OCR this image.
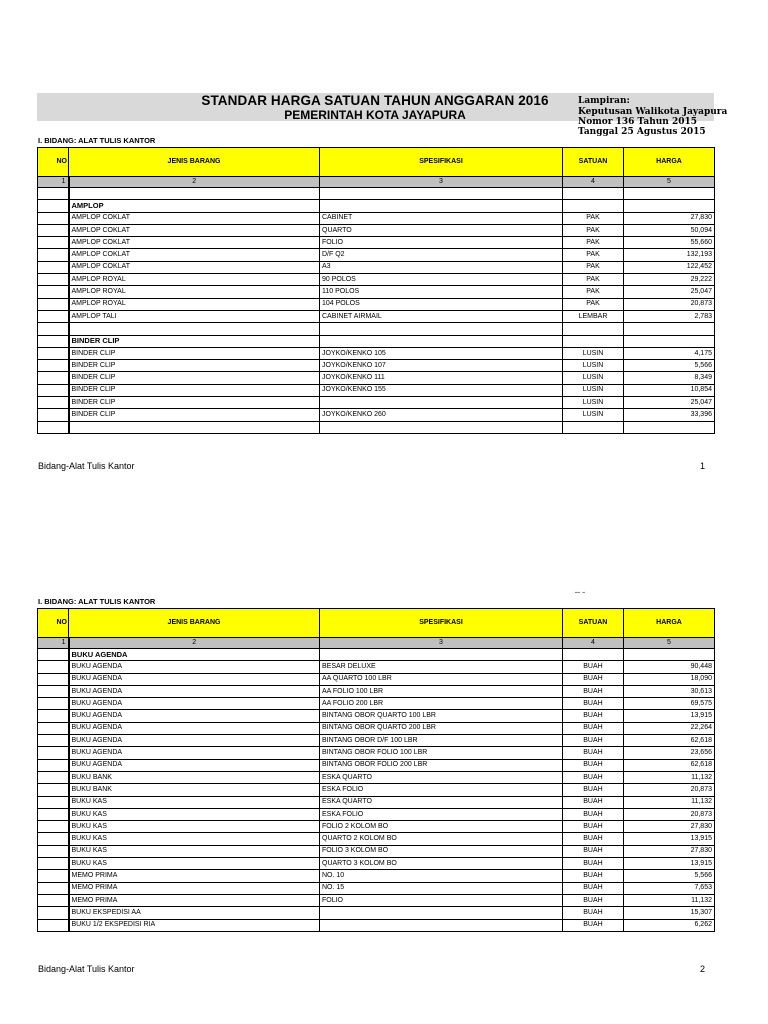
STANDAR HARGA SATUAN TAHUN ANGGARAN 2016
PEMERINTAH KOTA JAYAPURA
Lampiran:
Keputusan Walikota Jayapura
Nomor 136 Tahun 2015
Tanggal 25 Agustus 2015
I. BIDANG: ALAT TULIS KANTOR
NO	JENIS BARANG	SPESIFIKASI	SATUAN	HARGA
1	2	3	4	5

	AMPLOP			
	AMPLOP COKLAT	CABINET	PAK	27,830
	AMPLOP COKLAT	QUARTO	PAK	50,094
	AMPLOP COKLAT	FOLIO	PAK	55,660
	AMPLOP COKLAT	D/F Q2	PAK	132,193
	AMPLOP COKLAT	A3	PAK	122,452
	AMPLOP ROYAL	90 POLOS	PAK	29,222
	AMPLOP ROYAL	110 POLOS	PAK	25,047
	AMPLOP ROYAL	104 POLOS	PAK	20,873
	AMPLOP TALI	CABINET AIRMAIL	LEMBAR	2,783

	BINDER CLIP			
	BINDER CLIP	JOYKO/KENKO 105	LUSIN	4,175
	BINDER CLIP	JOYKO/KENKO 107	LUSIN	5,566
	BINDER CLIP	JOYKO/KENKO 111	LUSIN	8,349
	BINDER CLIP	JOYKO/KENKO 155	LUSIN	10,854
	BINDER CLIP		LUSIN	25,047
	BINDER CLIP	JOYKO/KENKO 260	LUSIN	33,396

Bidang-Alat Tulis Kantor	1
˘˘ ˘
I. BIDANG: ALAT TULIS KANTOR
NO	JENIS BARANG	SPESIFIKASI	SATUAN	HARGA
1	2	3	4	5
	BUKU AGENDA			
	BUKU AGENDA	BESAR DELUXE	BUAH	90,448
	BUKU AGENDA	AA QUARTO 100 LBR	BUAH	18,090
	BUKU AGENDA	AA FOLIO 100 LBR	BUAH	30,613
	BUKU AGENDA	AA FOLIO 200 LBR	BUAH	69,575
	BUKU AGENDA	BINTANG OBOR QUARTO 100 LBR	BUAH	13,915
	BUKU AGENDA	BINTANG OBOR QUARTO 200 LBR	BUAH	22,264
	BUKU AGENDA	BINTANG OBOR D/F 100 LBR	BUAH	62,618
	BUKU AGENDA	BINTANG OBOR FOLIO 100 LBR	BUAH	23,656
	BUKU AGENDA	BINTANG OBOR FOLIO 200 LBR	BUAH	62,618
	BUKU BANK	ESKA QUARTO	BUAH	11,132
	BUKU BANK	ESKA FOLIO	BUAH	20,873
	BUKU KAS	ESKA QUARTO	BUAH	11,132
	BUKU KAS	ESKA FOLIO	BUAH	20,873
	BUKU KAS	FOLIO 2 KOLOM BO	BUAH	27,830
	BUKU KAS	QUARTO 2 KOLOM BO	BUAH	13,915
	BUKU KAS	FOLIO 3 KOLOM BO	BUAH	27,830
	BUKU KAS	QUARTO 3 KOLOM BO	BUAH	13,915
	MEMO PRIMA	NO. 10	BUAH	5,566
	MEMO PRIMA	NO. 15	BUAH	7,653
	MEMO PRIMA	FOLIO	BUAH	11,132
	BUKU EKSPEDISI AA		BUAH	15,307
	BUKU 1/2 EKSPEDISI RIA		BUAH	6,262
Bidang-Alat Tulis Kantor	2
